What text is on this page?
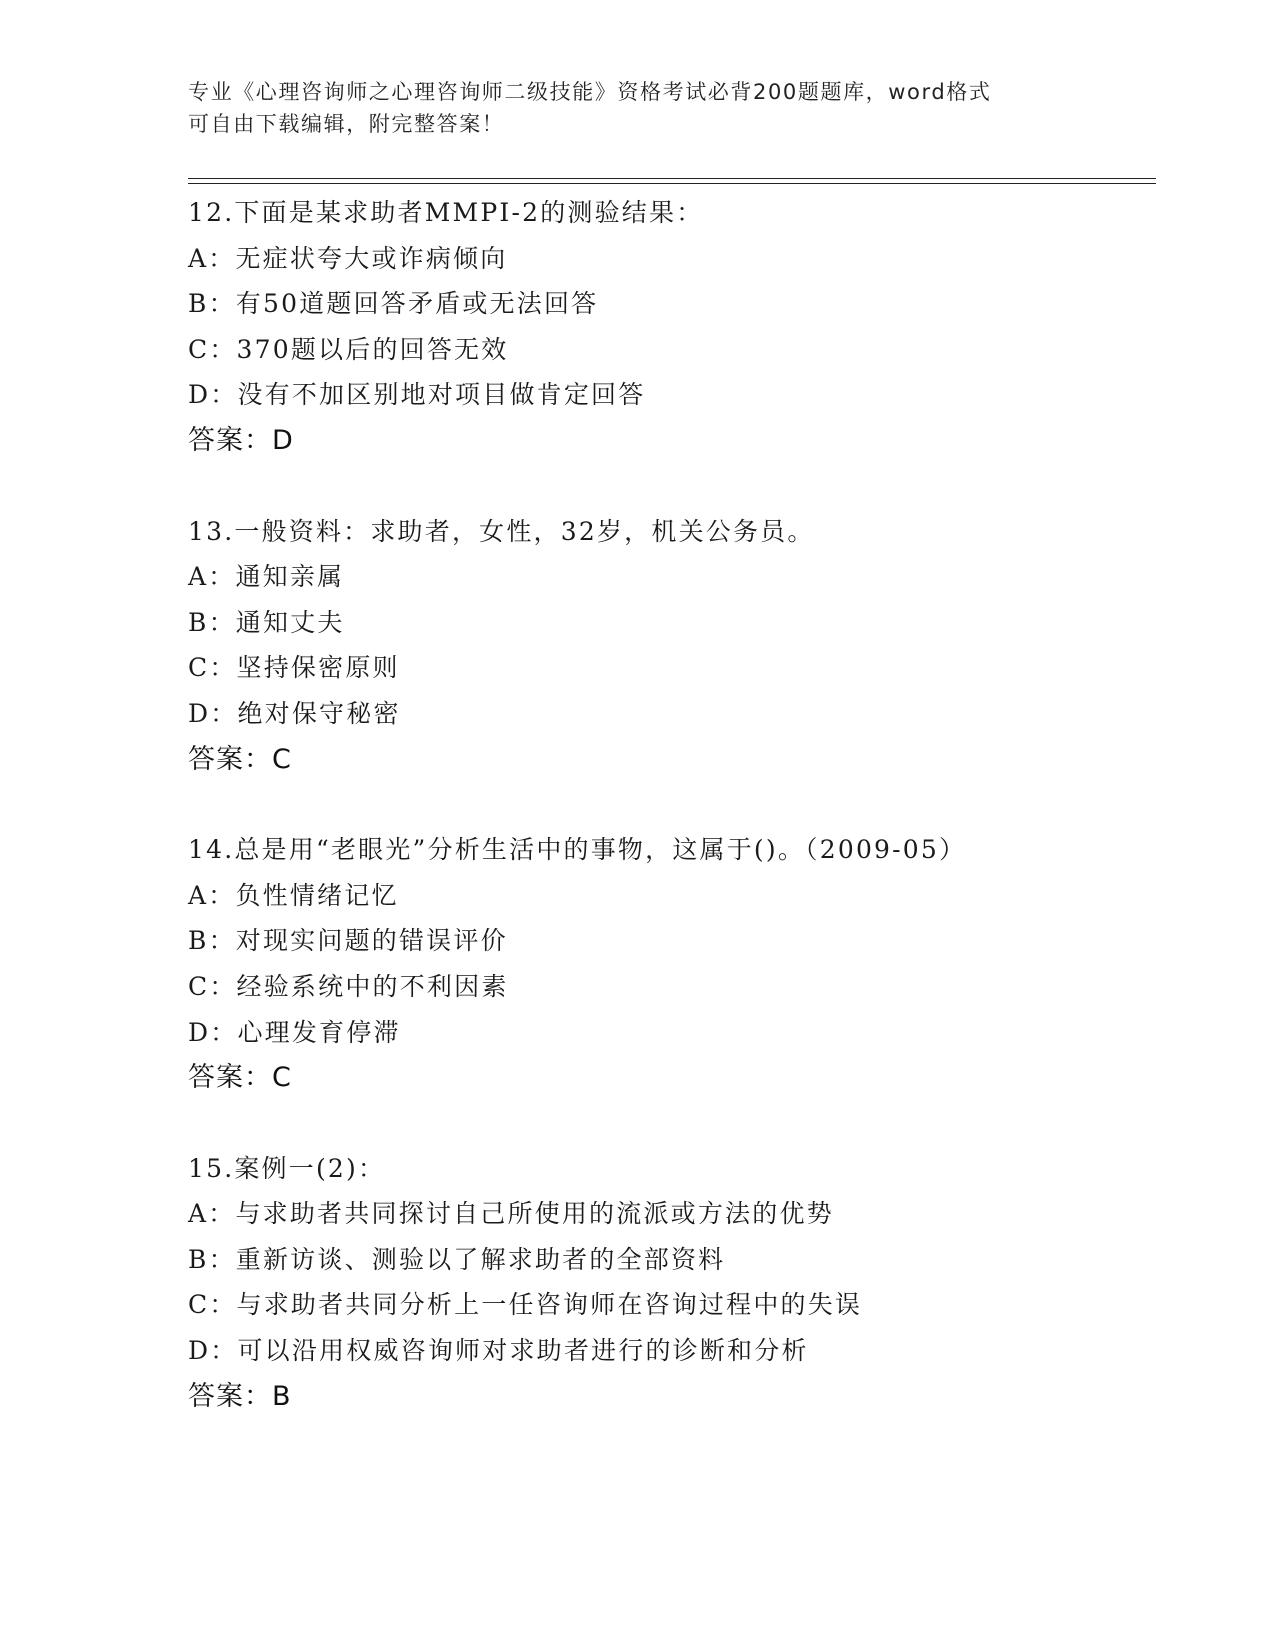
专业《心理咨询师之心理咨询师二级技能》资格考试必背200题题库，word格式
可自由下载编辑，附完整答案！
12.下面是某求助者MMPI-2的测验结果：
A：无症状夸大或诈病倾向
B：有50道题回答矛盾或无法回答
C：370题以后的回答无效
D：没有不加区别地对项目做肯定回答
答案：D
13.一般资料：求助者，女性，32岁，机关公务员。
A：通知亲属
B：通知丈夫
C：坚持保密原则
D：绝对保守秘密
答案：C
14.总是用“老眼光”分析生活中的事物，这属于()。（2009-05）
A：负性情绪记忆
B：对现实问题的错误评价
C：经验系统中的不利因素
D：心理发育停滞
答案：C
15.案例一(2)：
A：与求助者共同探讨自己所使用的流派或方法的优势
B：重新访谈、测验以了解求助者的全部资料
C：与求助者共同分析上一任咨询师在咨询过程中的失误
D：可以沿用权威咨询师对求助者进行的诊断和分析
答案：B
